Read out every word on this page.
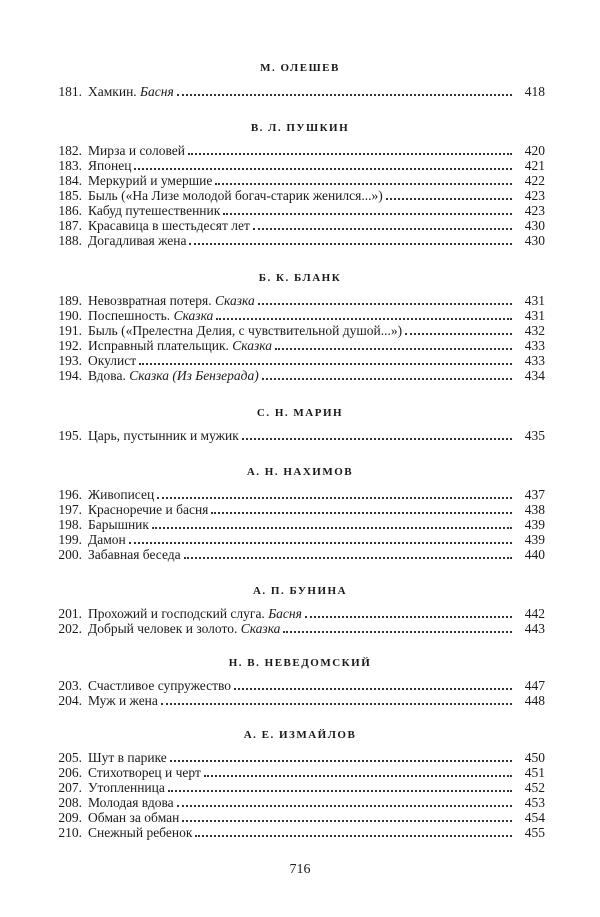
М. ОЛЕШЕВ
181. Хамкин. Басня	418
В. Л. ПУШКИН
182. Мирза и соловей	420
183. Японец	421
184. Меркурий и умершие	422
185. Быль («На Лизе молодой богач-старик женился...»)	423
186. Кабуд путешественник	423
187. Красавица в шестьдесят лет	430
188. Догадливая жена	430
Б. К. БЛАНК
189. Невозвратная потеря. Сказка	431
190. Поспешность. Сказка	431
191. Быль («Прелестна Делия, с чувствительной душой...»)	432
192. Исправный плательщик. Сказка	433
193. Окулист	433
194. Вдова. Сказка (Из Бензерада)	434
С. Н. МАРИН
195. Царь, пустынник и мужик	435
А. Н. НАХИМОВ
196. Живописец	437
197. Красноречие и басня	438
198. Барышник	439
199. Дамон	439
200. Забавная беседа	440
А. П. БУНИНА
201. Прохожий и господский слуга. Басня	442
202. Добрый человек и золото. Сказка	443
Н. В. НЕВЕДОМСКИЙ
203. Счастливое супружество	447
204. Муж и жена	448
А. Е. ИЗМАЙЛОВ
205. Шут в парике	450
206. Стихотворец и черт	451
207. Утопленница	452
208. Молодая вдова	453
209. Обман за обман	454
210. Снежный ребенок	455
716
